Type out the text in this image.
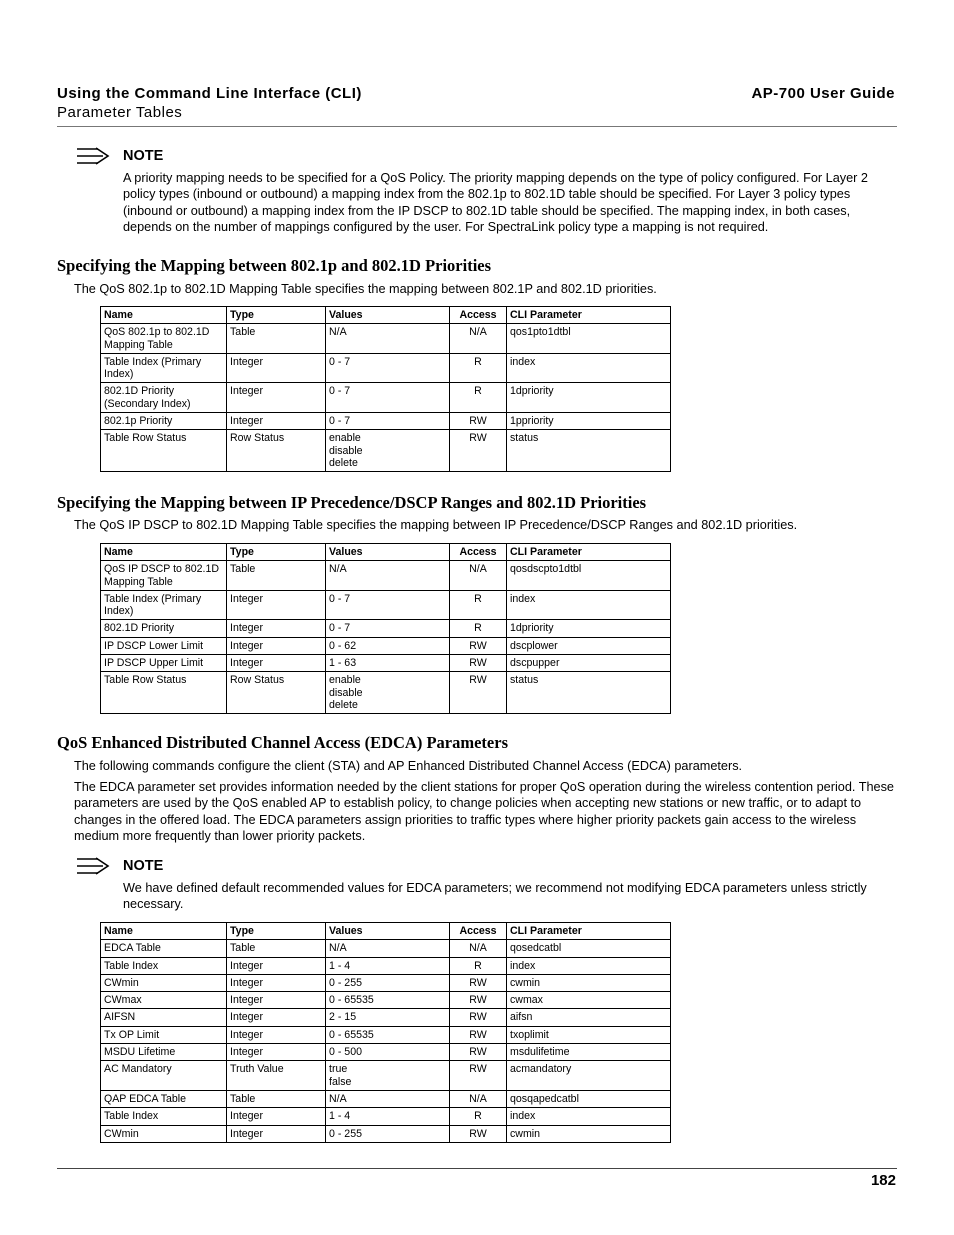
Using the Command Line Interface (CLI)
Parameter Tables
AP-700 User Guide
NOTE
A priority mapping needs to be specified for a QoS Policy. The priority mapping depends on the type of policy configured. For Layer 2 policy types (inbound or outbound) a mapping index from the 802.1p to 802.1D table should be specified. For Layer 3 policy types (inbound or outbound) a mapping index from the IP DSCP to 802.1D table should be specified. The mapping index, in both cases, depends on the number of mappings configured by the user. For SpectraLink policy type a mapping is not required.
Specifying the Mapping between 802.1p and 802.1D Priorities
The QoS 802.1p to 802.1D Mapping Table specifies the mapping between 802.1P and 802.1D priorities.
Name	Type	Values	Access	CLI Parameter
QoS 802.1p to 802.1D Mapping Table	Table	N/A	N/A	qos1pto1dtbl
Table Index (Primary Index)	Integer	0 - 7	R	index
802.1D Priority (Secondary Index)	Integer	0 - 7	R	1dpriority
802.1p Priority	Integer	0 - 7	RW	1ppriority
Table Row Status	Row Status	enable
disable
delete	RW	status
Specifying the Mapping between IP Precedence/DSCP Ranges and 802.1D Priorities
The QoS IP DSCP to 802.1D Mapping Table specifies the mapping between IP Precedence/DSCP Ranges and 802.1D priorities.
Name	Type	Values	Access	CLI Parameter
QoS IP DSCP to 802.1D Mapping Table	Table	N/A	N/A	qosdscpto1dtbl
Table Index (Primary Index)	Integer	0 - 7	R	index
802.1D Priority	Integer	0 - 7	R	1dpriority
IP DSCP Lower Limit	Integer	0 - 62	RW	dscplower
IP DSCP Upper Limit	Integer	1 - 63	RW	dscpupper
Table Row Status	Row Status	enable
disable
delete	RW	status
QoS Enhanced Distributed Channel Access (EDCA) Parameters
The following commands configure the client (STA) and AP Enhanced Distributed Channel Access (EDCA) parameters.
The EDCA parameter set provides information needed by the client stations for proper QoS operation during the wireless contention period. These parameters are used by the QoS enabled AP to establish policy, to change policies when accepting new stations or new traffic, or to adapt to changes in the offered load. The EDCA parameters assign priorities to traffic types where higher priority packets gain access to the wireless medium more frequently than lower priority packets.
NOTE
We have defined default recommended values for EDCA parameters; we recommend not modifying EDCA parameters unless strictly necessary.
Name	Type	Values	Access	CLI Parameter
EDCA Table	Table	N/A	N/A	qosedcatbl
Table Index	Integer	1 - 4	R	index
CWmin	Integer	0 - 255	RW	cwmin
CWmax	Integer	0 - 65535	RW	cwmax
AIFSN	Integer	2 - 15	RW	aifsn
Tx OP Limit	Integer	0 - 65535	RW	txoplimit
MSDU Lifetime	Integer	0 - 500	RW	msdulifetime
AC Mandatory	Truth Value	true
false	RW	acmandatory
QAP EDCA Table	Table	N/A	N/A	qosqapedcatbl
Table Index	Integer	1 - 4	R	index
CWmin	Integer	0 - 255	RW	cwmin
182
